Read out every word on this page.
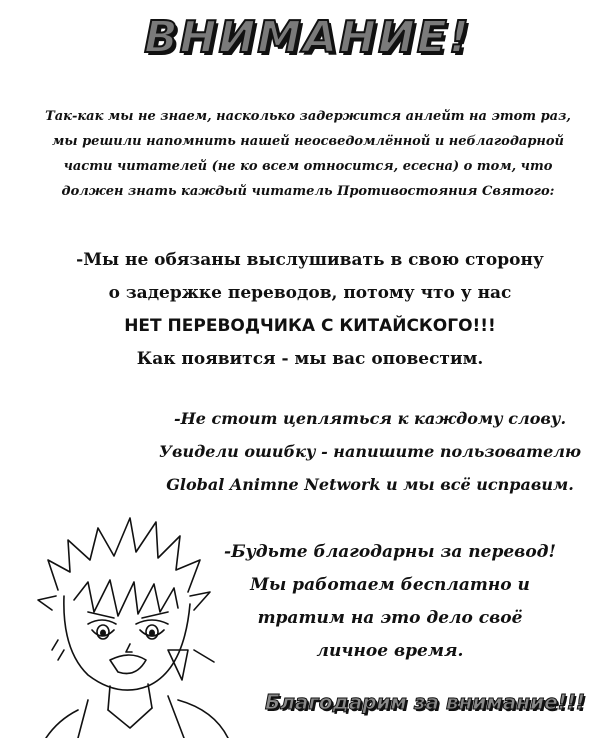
ВНИМАНИЕ!
Так-как мы не знаем, насколько задержится анлейт на этот раз,
мы решили напомнить нашей неосведомлённой и неблагодарной
части читателей (не ко всем относится, есесна) о том, что
должен знать каждый читатель Противостояния Святого:
-Мы не обязаны выслушивать в свою сторону
о задержке переводов, потому что у нас
НЕТ ПЕРЕВОДЧИКА С КИТАЙСКОГО!!!
Как появится - мы вас оповестим.
-Не стоит цепляться к каждому слову.
Увидели ошибку - напишите пользователю
Global Animne Network и мы всё исправим.
-Будьте благодарны за перевод!
Мы работаем бесплатно и
тратим на это дело своё
личное время.
Благодарим за внимание!!!
